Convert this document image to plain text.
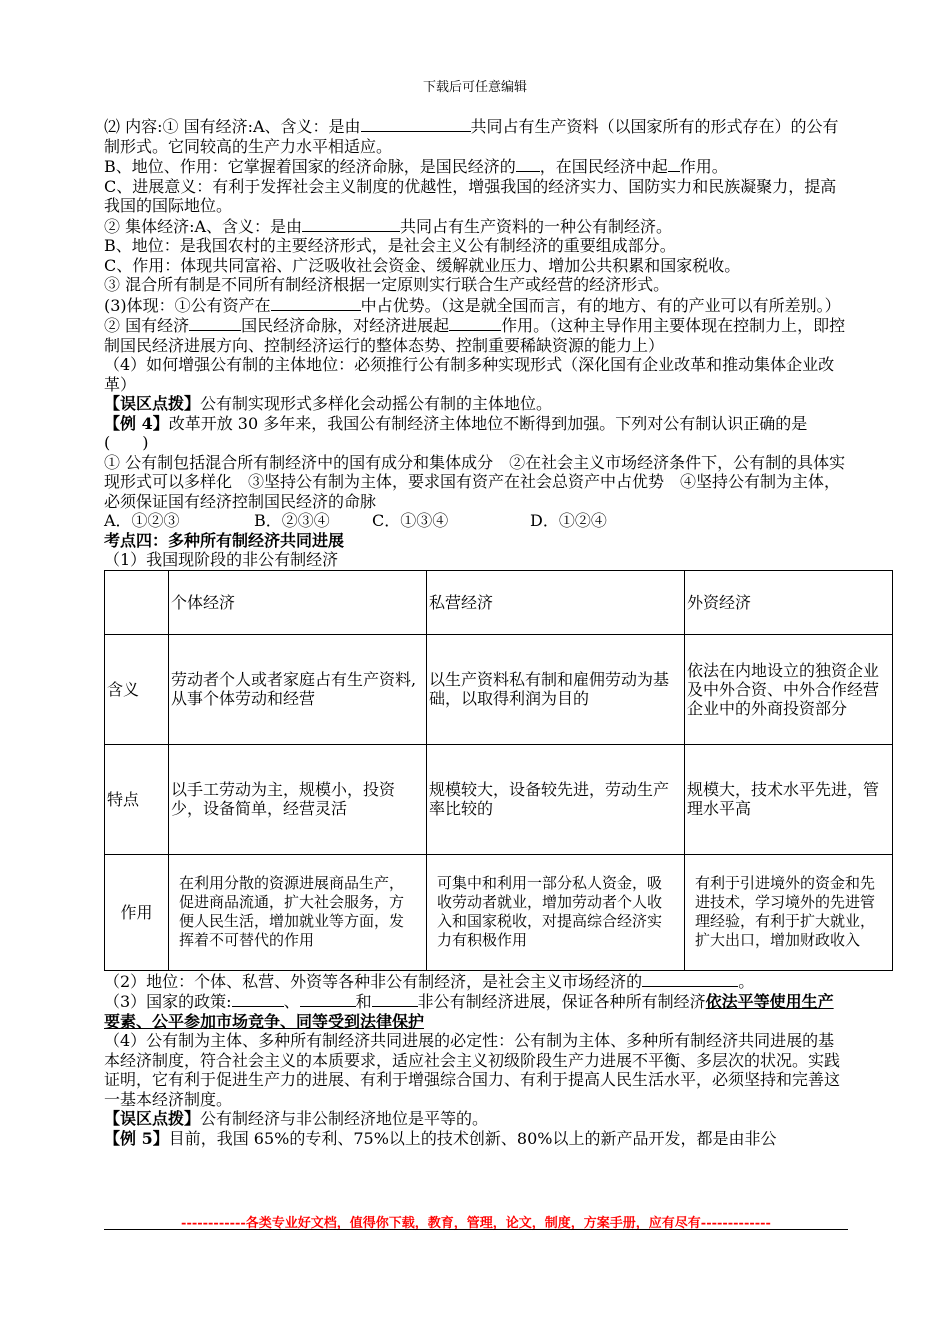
下载后可任意编辑

⑵ 内容:① 国有经济:A、含义：是由	共同占有生产资料（以国家所有的形式存在）的公有制形式。它同较高的生产力水平相适应。

B、地位、作用：它掌握着国家的经济命脉，是国民经济的 ，在国民经济中起 作用。

C、进展意义：有利于发挥社会主义制度的优越性，增强我国的经济实力、国防实力和民族凝聚力，提高我国的国际地位。

② 集体经济:A、含义：是由	共同占有生产资料的一种公有制经济。

B、地位：是我国农村的主要经济形式，是社会主义公有制经济的重要组成部分。

C、作用：体现共同富裕、广泛吸收社会资金、缓解就业压力、增加公共积累和国家税收。

③ 混合所有制是不同所有制经济根据一定原则实行联合生产或经营的经济形式。

(3)体现：①公有资产在	中占优势。（这是就全国而言，有的地方、有的产业可以有所差别。）

② 国有经济	国民经济命脉，对经济进展起	作用。（这种主导作用主要体现在控制力上，即控制国民经济进展方向、控制经济运行的整体态势、控制重要稀缺资源的能力上）

（4）如何增强公有制的主体地位：必须推行公有制多种实现形式（深化国有企业改革和推动集体企业改革）

【误区点拨】公有制实现形式多样化会动摇公有制的主体地位。

【例 4】改革开放 30 多年来，我国公有制经济主体地位不断得到加强。下列对公有制认识正确的是(　　)

① 公有制包括混合所有制经济中的国有成分和集体成分　②在社会主义市场经济条件下，公有制的具体实现形式可以多样化　③坚持公有制为主体，要求国有资产在社会总资产中占优势　④坚持公有制为主体，必须保证国有经济控制国民经济的命脉

A．①②③	B．②③④	C．①③④	D．①②④

考点四：多种所有制经济共同进展

（1）我国现阶段的非公有制经济

	个体经济	私营经济	外资经济
含义	劳动者个人或者家庭占有生产资料,从事个体劳动和经营	以生产资料私有制和雇佣劳动为基础，以取得利润为目的	依法在内地设立的独资企业及中外合资、中外合作经营企业中的外商投资部分
特点	以手工劳动为主，规模小，投资少，设备简单，经营灵活	规模较大，设备较先进，劳动生产率比较的	规模大，技术水平先进，管理水平高
作用	在利用分散的资源进展商品生产，促进商品流通，扩大社会服务，方便人民生活，增加就业等方面，发挥着不可替代的作用	可集中和利用一部分私人资金，吸收劳动者就业，增加劳动者个人收入和国家税收，对提高综合经济实力有积极作用	有利于引进境外的资金和先进技术，学习境外的先进管理经验，有利于扩大就业，扩大出口，增加财政收入

（2）地位：个体、私营、外资等各种非公有制经济，是社会主义市场经济的	。

（3）国家的政策:	、	和	非公有制经济进展，保证各种所有制经济依法平等使用生产要素、公平参加市场竞争、同等受到法律保护

（4）公有制为主体、多种所有制经济共同进展的必定性：公有制为主体、多种所有制经济共同进展的基本经济制度，符合社会主义的本质要求，适应社会主义初级阶段生产力进展不平衡、多层次的状况。实践证明，它有利于促进生产力的进展、有利于增强综合国力、有利于提高人民生活水平，必须坚持和完善这一基本经济制度。

【误区点拨】公有制经济与非公制经济地位是平等的。

【例 5】目前，我国 65%的专利、75%以上的技术创新、80%以上的新产品开发，都是由非公

------------各类专业好文档，值得你下载，教育，管理，论文，制度，方案手册，应有尽有-------------
